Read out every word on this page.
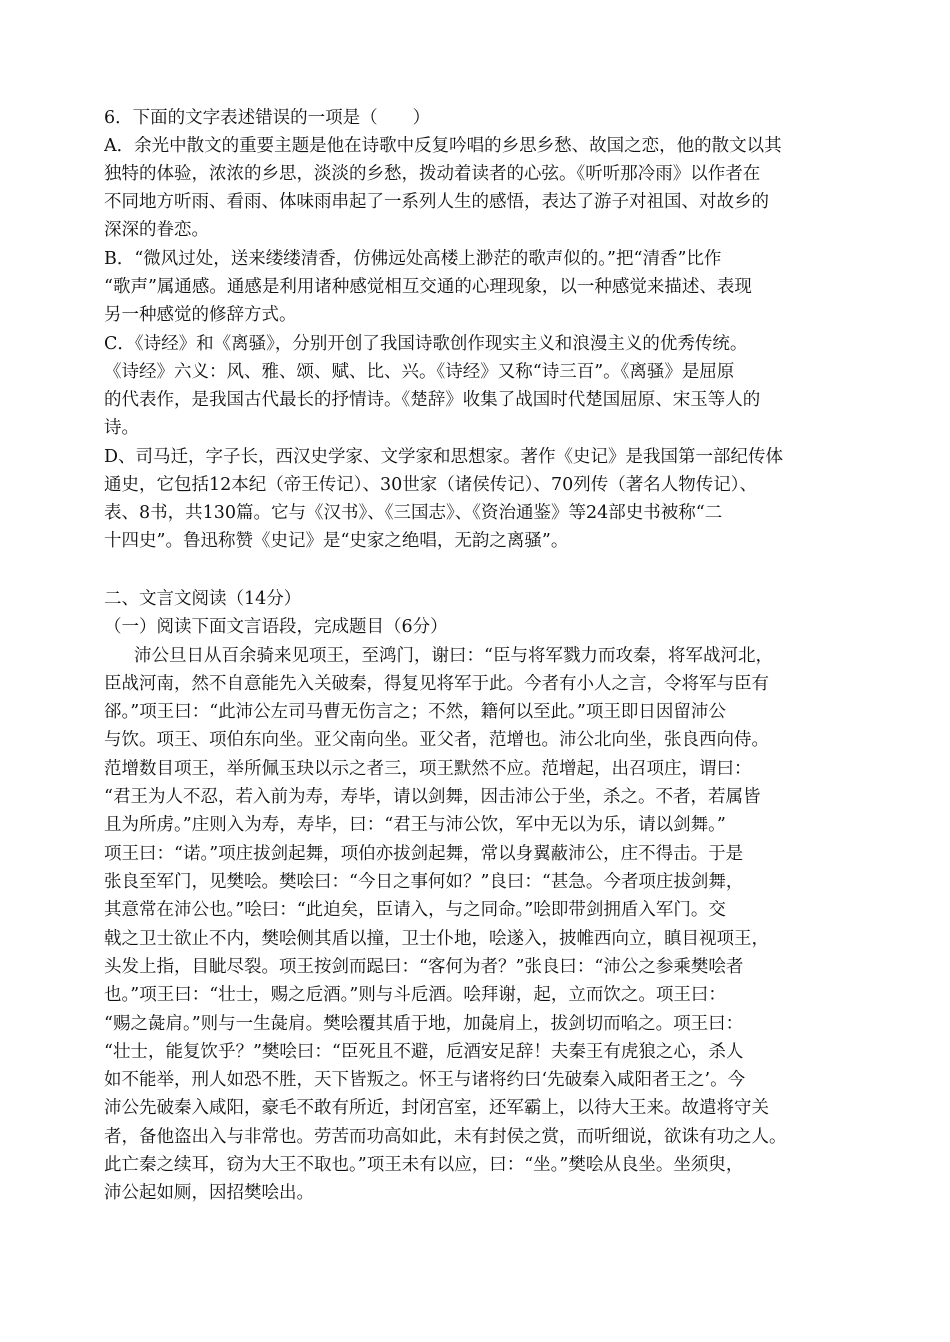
6．下面的文字表述错误的一项是（　　）
A．余光中散文的重要主题是他在诗歌中反复吟唱的乡思乡愁、故国之恋，他的散文以其
独特的体验，浓浓的乡思，淡淡的乡愁，拨动着读者的心弦。《听听那冷雨》以作者在
不同地方听雨、看雨、体味雨串起了一系列人生的感悟，表达了游子对祖国、对故乡的
深深的眷恋。
B．“微风过处，送来缕缕清香，仿佛远处高楼上渺茫的歌声似的。”把“清香”比作
“歌声”属通感。通感是利用诸种感觉相互交通的心理现象，以一种感觉来描述、表现
另一种感觉的修辞方式。
C．《诗经》和《离骚》，分别开创了我国诗歌创作现实主义和浪漫主义的优秀传统。
《诗经》六义：风、雅、颂、赋、比、兴。《诗经》又称“诗三百”。《离骚》是屈原
的代表作，是我国古代最长的抒情诗。《楚辞》收集了战国时代楚国屈原、宋玉等人的
诗。
D、司马迁，字子长，西汉史学家、文学家和思想家。著作《史记》是我国第一部纪传体
通史，它包括12本纪（帝王传记）、30世家（诸侯传记）、70列传（著名人物传记）、
表、8书，共130篇。它与《汉书》、《三国志》、《资治通鉴》等24部史书被称“二
十四史”。鲁迅称赞《史记》是“史家之绝唱，无韵之离骚”。
二、文言文阅读（14分）
（一）阅读下面文言语段，完成题目（6分）
沛公旦日从百余骑来见项王，至鸿门，谢曰：“臣与将军戮力而攻秦，将军战河北，
臣战河南，然不自意能先入关破秦，得复见将军于此。今者有小人之言，令将军与臣有
郤。”项王曰：“此沛公左司马曹无伤言之；不然，籍何以至此。”项王即日因留沛公
与饮。项王、项伯东向坐。亚父南向坐。亚父者，范增也。沛公北向坐，张良西向侍。
范增数目项王，举所佩玉玦以示之者三，项王默然不应。范增起，出召项庄，谓曰：
“君王为人不忍，若入前为寿，寿毕，请以剑舞，因击沛公于坐，杀之。不者，若属皆
且为所虏。”庄则入为寿，寿毕，曰：“君王与沛公饮，军中无以为乐，请以剑舞。”
项王曰：“诺。”项庄拔剑起舞，项伯亦拔剑起舞，常以身翼蔽沛公，庄不得击。于是
张良至军门，见樊哙。樊哙曰：“今日之事何如？”良曰：“甚急。今者项庄拔剑舞，
其意常在沛公也。”哙曰：“此迫矣，臣请入，与之同命。”哙即带剑拥盾入军门。交
戟之卫士欲止不内，樊哙侧其盾以撞，卫士仆地，哙遂入，披帷西向立，瞋目视项王，
头发上指，目眦尽裂。项王按剑而跽曰：“客何为者？”张良曰：“沛公之参乘樊哙者
也。”项王曰：“壮士，赐之卮酒。”则与斗卮酒。哙拜谢，起，立而饮之。项王曰：
“赐之彘肩。”则与一生彘肩。樊哙覆其盾于地，加彘肩上，拔剑切而啗之。项王曰：
“壮士，能复饮乎？”樊哙曰：“臣死且不避，卮酒安足辞！夫秦王有虎狼之心，杀人
如不能举，刑人如恐不胜，天下皆叛之。怀王与诸将约曰‘先破秦入咸阳者王之’。今
沛公先破秦入咸阳，豪毛不敢有所近，封闭宫室，还军霸上，以待大王来。故遣将守关
者，备他盗出入与非常也。劳苦而功高如此，未有封侯之赏，而听细说，欲诛有功之人。
此亡秦之续耳，窃为大王不取也。”项王未有以应，曰：“坐。”樊哙从良坐。坐须臾，
沛公起如厕，因招樊哙出。
